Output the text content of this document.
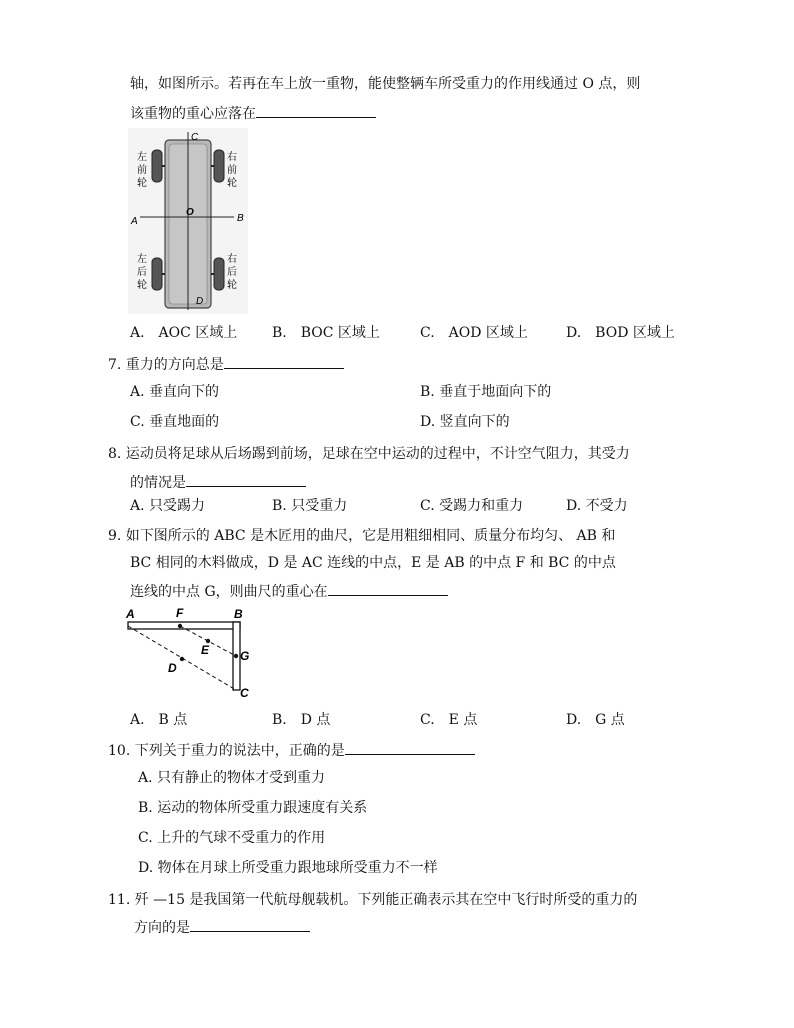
轴，如图所示。若再在车上放一重物，能使整辆车所受重力的作用线通过 O 点，则
该重物的重心应落在
C
D
A	B
O
左
前
轮
右
前
轮
左
后
轮
右
后
轮
A.　AOC 区域上 B.　BOC 区域上	C.　AOD 区域上	D.　BOD 区域上
7. 重力的方向总是
A. 垂直向下的	B. 垂直于地面向下的
C. 垂直地面的	D. 竖直向下的
8. 运动员将足球从后场踢到前场，足球在空中运动的过程中，不计空气阻力，其受力
的情况是
A. 只受踢力	B. 只受重力	C. 受踢力和重力	D. 不受力
9. 如下图所示的 ABC 是木匠用的曲尺，它是用粗细相同、质量分布均匀、 AB 和
BC 相同的木料做成，D 是 AC 连线的中点，E 是 AB 的中点 F 和 BC 的中点
连线的中点 G，则曲尺的重心在
A	F	B
E	G
D
C
A.　B 点	B.　D 点	C.　E 点	D.　G 点
10. 下列关于重力的说法中，正确的是
A. 只有静止的物体才受到重力
B. 运动的物体所受重力跟速度有关系
C. 上升的气球不受重力的作用
D. 物体在月球上所受重力跟地球所受重力不一样
11. 歼 —15 是我国第一代航母舰载机。下列能正确表示其在空中飞行时所受的重力的
方向的是
